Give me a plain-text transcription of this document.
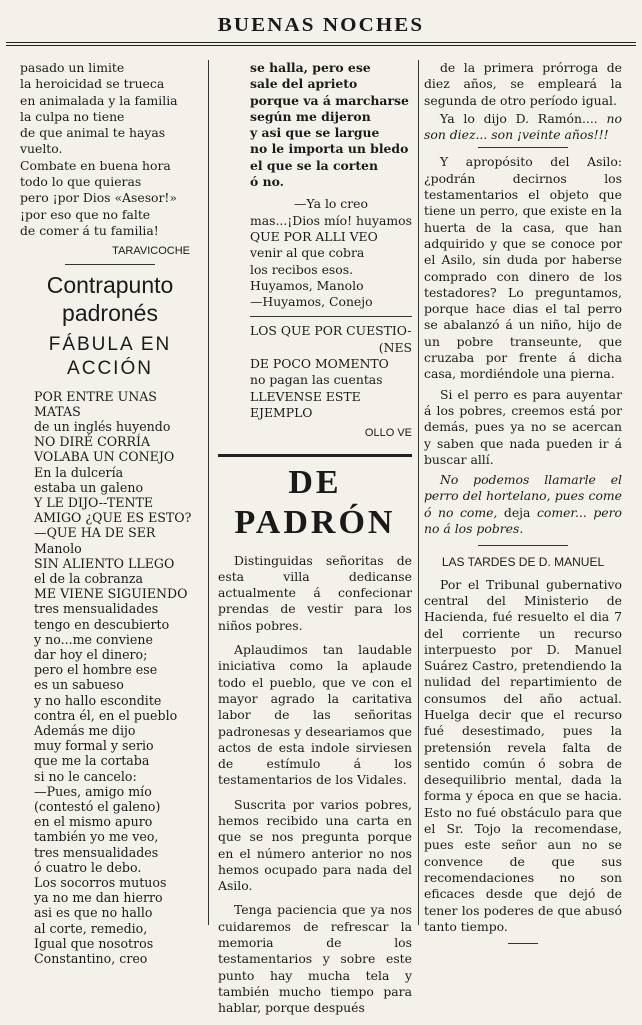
BUENAS NOCHES

pasado un limite

la heroicidad se trueca

en animalada y la familia

la culpa no tiene

de que animal te hayas vuelto.

Combate en buena hora

todo lo que quieras

pero ¡por Dios «Asesor!»

¡por eso que no falte

de comer á tu familia!

TARAVICOCHE

Contrapunto padronés
FÁBULA EN ACCIÓN

POR ENTRE UNAS MATAS

de un inglés huyendo

NO DIRÉ CORRÍA

VOLABA UN CONEJO

En la dulcería

estaba un galeno

Y LE DIJO--TENTE

AMIGO ¿QUE ES ESTO?

—QUE HA DE SER Manolo

SIN ALIENTO LLEGO

el de la cobranza

ME VIENE SIGUIENDO

tres mensualidades

tengo en descubierto

y no...me conviene

dar hoy el dinero;

pero el hombre ese

es un sabueso

y no hallo escondite

contra él, en el pueblo

Además me dijo

muy formal y serio

que me la cortaba

si no le cancelo:

—Pues, amigo mío

(contestó el galeno)

en el mismo apuro

también yo me veo,

tres mensualidades

ó cuatro le debo.

Los socorros mutuos

ya no me dan hierro

asi es que no hallo

al corte, remedio,

Igual que nosotros

Constantino, creo

se halla, pero ese

sale del aprieto

porque va á marcharse

según me dijeron

y asi que se largue

no le importa un bledo

el que se la corten

ó no.

—Ya lo creo

mas...¡Dios mío! huyamos

QUE POR ALLI VEO

venir al que cobra

los recibos esos.

Huyamos, Manolo

—Huyamos, Conejo

LOS QUE POR CUESTIO-

(NES

DE POCO MOMENTO

no pagan las cuentas

LLEVENSE ESTE EJEMPLO

OLLO VE

DE PADRÓN

Distinguidas señoritas de esta villa dedicanse actualmente á confecionar prendas de vestir para los niños pobres.

Aplaudimos tan laudable iniciativa como la aplaude todo el pueblo, que ve con el mayor agrado la caritativa labor de las señoritas padronesas y deseariamos que actos de esta indole sirviesen de estímulo á los testamentarios de los Vidales.

Suscrita por varios pobres, hemos recibido una carta en que se nos pregunta porque en el número anterior no nos hemos ocupado para nada del Asilo.

Tenga paciencia que ya nos cuidaremos de refrescar la memoria de los testamentarios y sobre este punto hay mucha tela y también mucho tiempo para hablar, porque después

de la primera prórroga de diez años, se empleará la segunda de otro período igual.

Ya lo dijo D. Ramón.... no son diez... son ¡veinte años!!!

Y apropósito del Asilo: ¿podrán decirnos los testamentarios el objeto que tiene un perro, que existe en la huerta de la casa, que han adquirido y que se conoce por el Asilo, sin duda por haberse comprado con dinero de los testadores? Lo preguntamos, porque hace dias el tal perro se abalanzó á un niño, hijo de un pobre transeunte, que cruzaba por frente á dicha casa, mordiéndole una pierna.

Si el perro es para auyentar á los pobres, creemos está por demás, pues ya no se acercan y saben que nada pueden ir á buscar allí.

No podemos llamarle el perro del hortelano, pues come ó no come, deja comer... pero no á los pobres.

LAS TARDES DE D. MANUEL

Por el Tribunal gubernativo central del Ministerio de Hacienda, fué resuelto el dia 7 del corriente un recurso interpuesto por D. Manuel Suárez Castro, pretendiendo la nulidad del repartimiento de consumos del año actual. Huelga decir que el recurso fué desestimado, pues la pretensión revela falta de sentido común ó sobra de desequilibrio mental, dada la forma y época en que se hacia. Esto no fué obstáculo para que el Sr. Tojo la recomendase, pues este señor aun no se convence de que sus recomendaciones no son eficaces desde que dejó de tener los poderes de que abusó tanto tiempo.
